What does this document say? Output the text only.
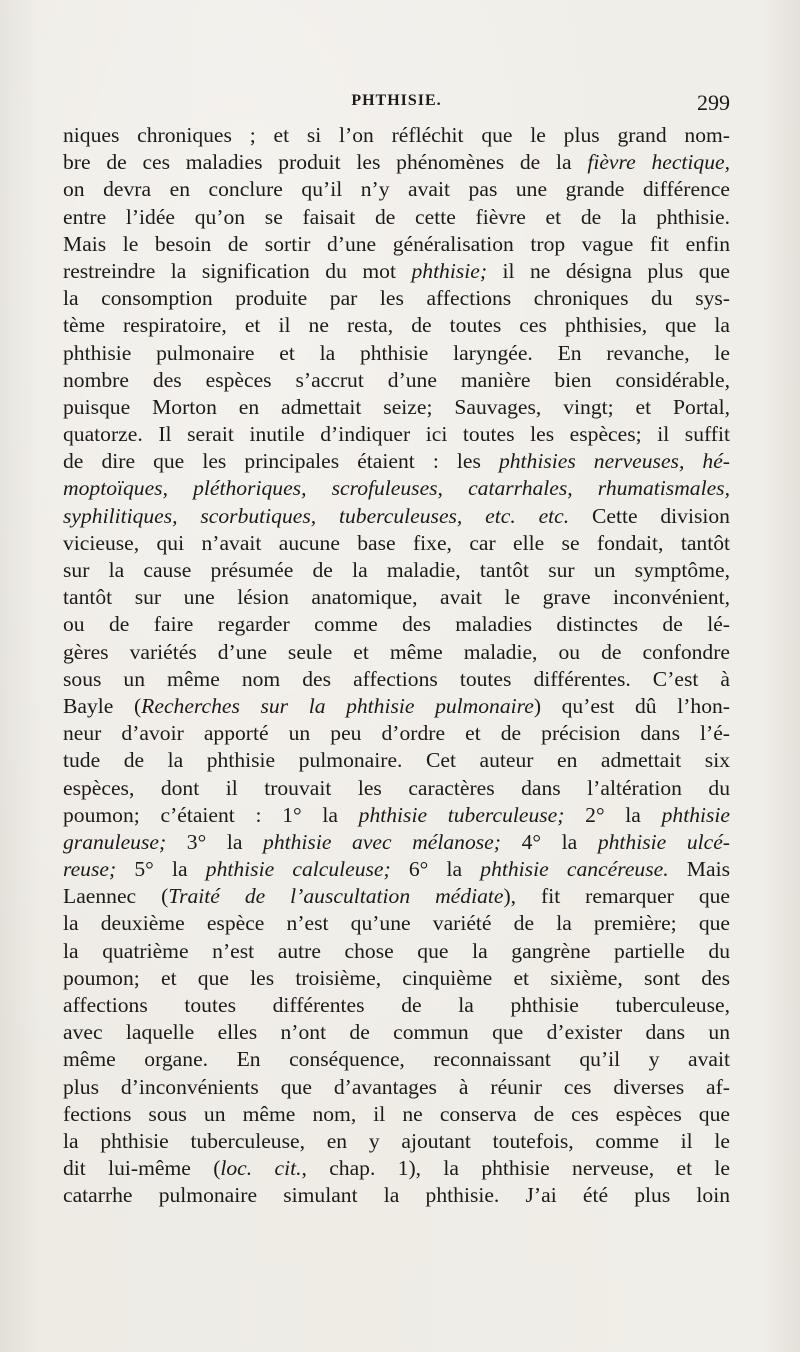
PHTHISIE.	299
niques chroniques ; et si l’on réfléchit que le plus grand nom-
bre de ces maladies produit les phénomènes de la fièvre hectique,
on devra en conclure qu’il n’y avait pas une grande différence
entre l’idée qu’on se faisait de cette fièvre et de la phthisie.
Mais le besoin de sortir d’une généralisation trop vague fit enfin
restreindre la signification du mot phthisie; il ne désigna plus que
la consomption produite par les affections chroniques du sys-
tème respiratoire, et il ne resta, de toutes ces phthisies, que la
phthisie pulmonaire et la phthisie laryngée. En revanche, le
nombre des espèces s’accrut d’une manière bien considérable,
puisque Morton en admettait seize; Sauvages, vingt; et Portal,
quatorze. Il serait inutile d’indiquer ici toutes les espèces; il suffit
de dire que les principales étaient : les phthisies nerveuses, hé-
moptoïques, pléthoriques, scrofuleuses, catarrhales, rhumatismales,
syphilitiques, scorbutiques, tuberculeuses, etc. etc. Cette division
vicieuse, qui n’avait aucune base fixe, car elle se fondait, tantôt
sur la cause présumée de la maladie, tantôt sur un symptôme,
tantôt sur une lésion anatomique, avait le grave inconvénient,
ou de faire regarder comme des maladies distinctes de lé-
gères variétés d’une seule et même maladie, ou de confondre
sous un même nom des affections toutes différentes. C’est à
Bayle (Recherches sur la phthisie pulmonaire) qu’est dû l’hon-
neur d’avoir apporté un peu d’ordre et de précision dans l’é-
tude de la phthisie pulmonaire. Cet auteur en admettait six
espèces, dont il trouvait les caractères dans l’altération du
poumon; c’étaient : 1° la phthisie tuberculeuse; 2° la phthisie
granuleuse; 3° la phthisie avec mélanose; 4° la phthisie ulcé-
reuse; 5° la phthisie calculeuse; 6° la phthisie cancéreuse. Mais
Laennec (Traité de l’auscultation médiate), fit remarquer que
la deuxième espèce n’est qu’une variété de la première; que
la quatrième n’est autre chose que la gangrène partielle du
poumon; et que les troisième, cinquième et sixième, sont des
affections toutes différentes de la phthisie tuberculeuse,
avec laquelle elles n’ont de commun que d’exister dans un
même organe. En conséquence, reconnaissant qu’il y avait
plus d’inconvénients que d’avantages à réunir ces diverses af-
fections sous un même nom, il ne conserva de ces espèces que
la phthisie tuberculeuse, en y ajoutant toutefois, comme il le
dit lui-même (loc. cit., chap. 1), la phthisie nerveuse, et le
catarrhe pulmonaire simulant la phthisie. J’ai été plus loin
